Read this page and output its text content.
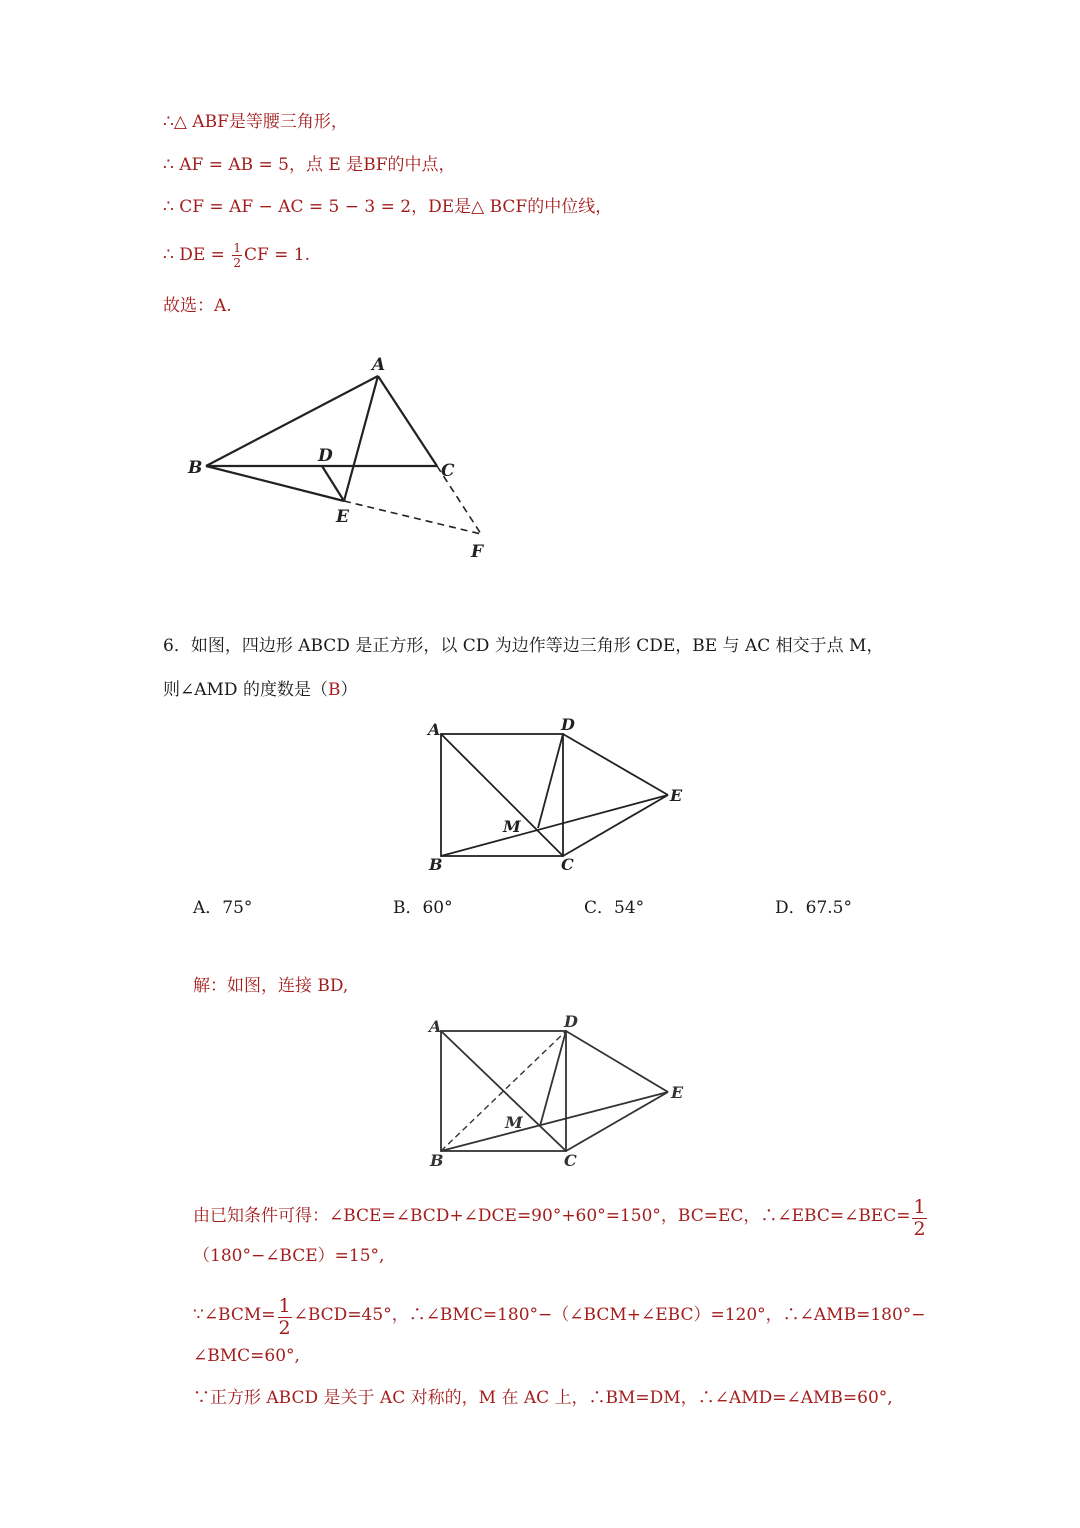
∴△ ABF是等腰三角形，
∴ AF = AB = 5，点 E 是BF的中点，
∴ CF = AF − AC = 5 − 3 = 2，DE是△ BCF的中位线，
∴ DE = $\frac{1}{2}$ CF = 1.
故选：A.
A
B	C
D
E
F
6．如图，四边形 ABCD 是正方形，以 CD 为边作等边三角形 CDE，BE 与 AC 相交于点 M，
则∠AMD 的度数是（B）
A
B	C
D
E
M
A．75°	B．60°	C．54°	D．67.5°
解：如图，连接 BD,
A
B	C
D
E
M
由已知条件可得：∠BCE=∠BCD+∠DCE=90°+60°=150°，BC=EC，∴∠EBC=∠BEC= $\frac{1}{2}$
（180°−∠BCE）=15°,
∵∠BCM= $\frac{1}{2}$ ∠BCD=45°，∴∠BMC=180°−（∠BCM+∠EBC）=120°，∴∠AMB=180°−
∠BMC=60°,
∵正方形 ABCD 是关于 AC 对称的，M 在 AC 上，∴BM=DM，∴∠AMD=∠AMB=60°,
